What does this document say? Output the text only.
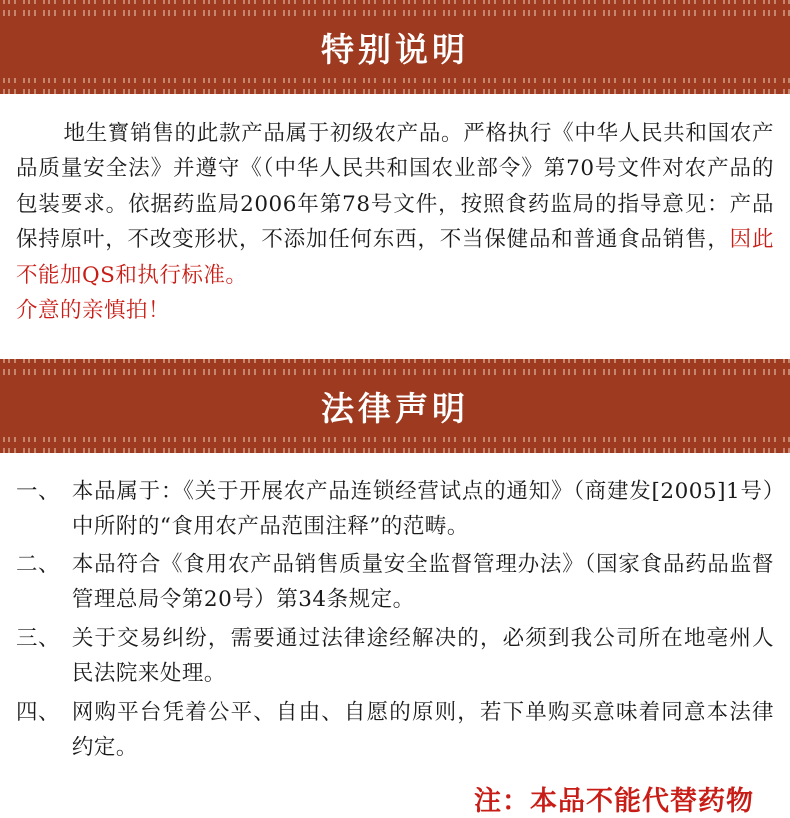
特别说明
地生寳销售的此款产品属于初级农产品。严格执行《中华人民共和国农产品质量安全法》并遵守《（中华人民共和国农业部令》第70号文件对农产品的包装要求。依据药监局2006年第78号文件，按照食药监局的指导意见：产品保持原叶，不改变形状，不添加任何东西，不当保健品和普通食品销售，因此不能加QS和执行标准。
介意的亲慎拍！
法律声明
一、 本品属于：《关于开展农产品连锁经营试点的通知》（商建发[2005]1号）中所附的“食用农产品范围注释”的范畴。
二、 本品符合《食用农产品销售质量安全监督管理办法》（国家食品药品监督管理总局令第20号）第34条规定。
三、 关于交易纠纷，需要通过法律途经解决的，必须到我公司所在地亳州人民法院来处理。
四、 网购平台凭着公平、自由、自愿的原则，若下单购买意味着同意本法律约定。
注：本品不能代替药物
